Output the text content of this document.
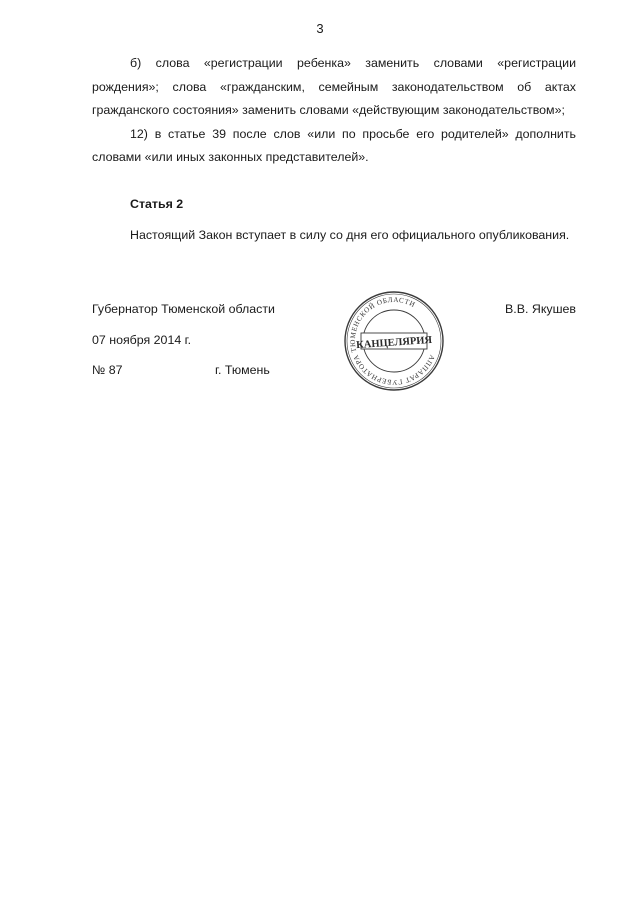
3

б) слова «регистрации ребенка» заменить словами «регистрации рождения»; слова «гражданским, семейным законодательством об актах гражданского состояния» заменить словами «действующим законодательством»;

12) в статье 39 после слов «или по просьбе его родителей» дополнить словами «или иных законных представителей».

Статья 2

Настоящий Закон вступает в силу со дня его официального опубликования.

Губернатор Тюменской области	В.В. Якушев
07 ноября 2014 г.
№ 87	г. Тюмень
АППАРАТ ГУБЕРНАТОРА ТЮМЕНСКОЙ ОБЛАСТИ
КАНЦЕЛЯРИЯ
